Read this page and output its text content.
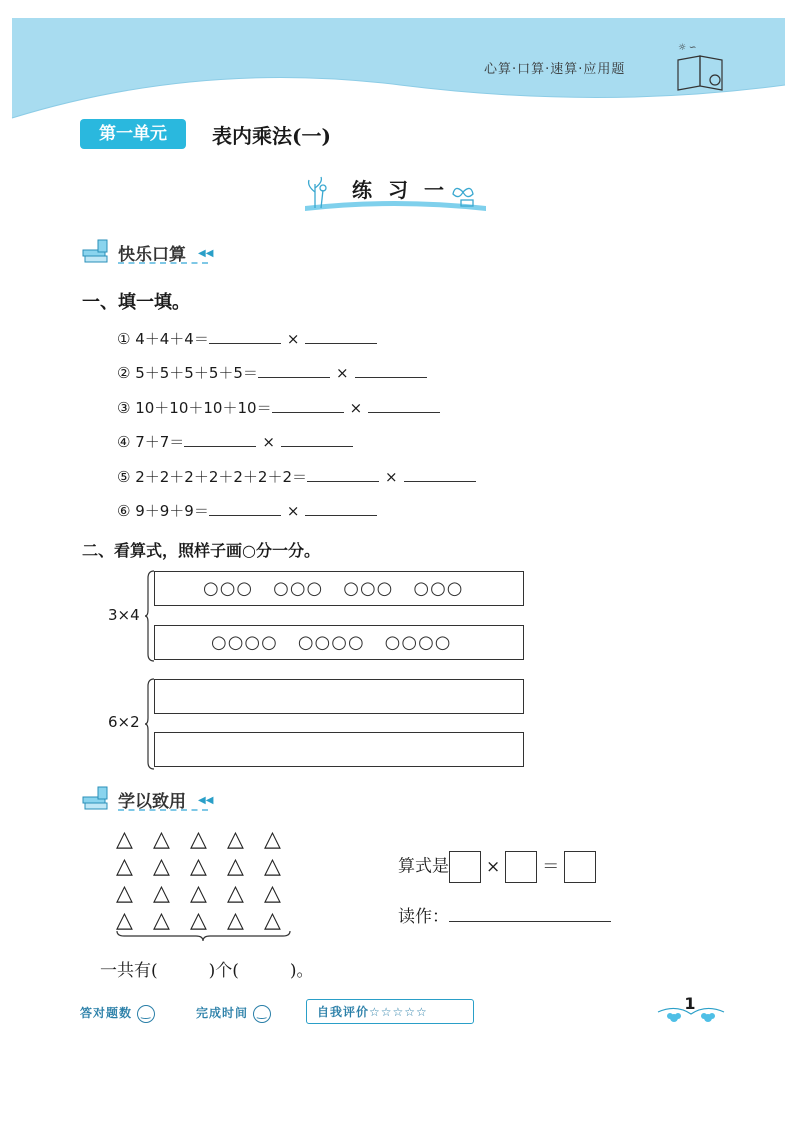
☼ ∽
心算·口算·速算·应用题
第一单元	表内乘法(一)
练习一
快乐口算 ◀◀
一、填一填。
① 4＋4＋4＝	×
② 5＋5＋5＋5＋5＝	×
③ 10＋10＋10＋10＝	×
④ 7＋7＝	×
⑤ 2＋2＋2＋2＋2＋2＋2＝	×
⑥ 9＋9＋9＝	×
二、看算式，照样子画○分一分。
3×4
○○○ ○○○ ○○○ ○○○
○○○○ ○○○○ ○○○○
6×2
学以致用 ◀◀
△ △ △ △ △
△ △ △ △ △
△ △ △ △ △
△ △ △ △ △
一共有(　　　)个(　　　)。
算式是 × ＝
读作：
答对题数 ‿	完成时间 ‿	自我评价☆☆☆☆☆	1
